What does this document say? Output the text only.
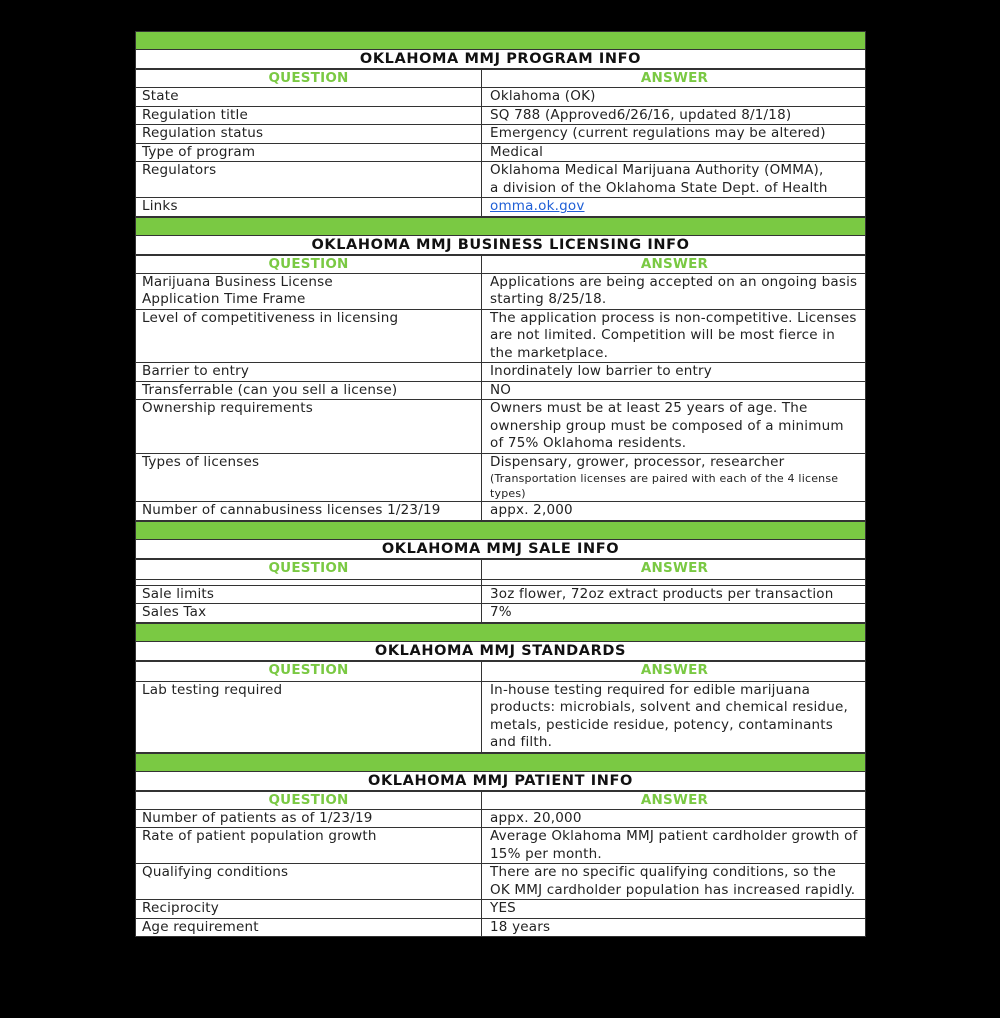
OKLAHOMA MMJ PROGRAM INFO
QUESTION	ANSWER
State	Oklahoma (OK)
Regulation title	SQ 788 (Approved6/26/16, updated 8/1/18)
Regulation status	Emergency (current regulations may be altered)
Type of program	Medical
Regulators	Oklahoma Medical Marijuana Authority (OMMA),
a division of the Oklahoma State Dept. of Health

Links	omma.ok.gov
OKLAHOMA MMJ BUSINESS LICENSING INFO
QUESTION	ANSWER

Marijuana Business License
Application Time Frame	Applications are being accepted on an ongoing basis starting 8/25/18.
Level of competitiveness in licensing	The application process is non-competitive. Licenses are not limited. Competition will be most fierce in the marketplace.
Barrier to entry	Inordinately low barrier to entry
Transferrable (can you sell a license)	NO
Ownership requirements	Owners must be at least 25 years of age. The ownership group must be composed of a minimum of 75% Oklahoma residents.
Types of licenses	Dispensary, grower, processor, researcher
(Transportation licenses are paired with each of the 4 license types)

Number of cannabusiness licenses 1/23/19	appx. 2,000
OKLAHOMA MMJ SALE INFO
QUESTION	ANSWER

Sale limits	3oz flower, 72oz extract products per transaction
Sales Tax	7%
OKLAHOMA MMJ STANDARDS
QUESTION	ANSWER
Lab testing required	In-house testing required for edible marijuana products: microbials, solvent and chemical residue, metals, pesticide residue, potency, contaminants and filth.
OKLAHOMA MMJ PATIENT INFO
QUESTION	ANSWER
Number of patients as of 1/23/19	appx. 20,000
Rate of patient population growth	Average Oklahoma MMJ patient cardholder growth of 15% per month.
Qualifying conditions	There are no specific qualifying conditions, so the OK MMJ cardholder population has increased rapidly.
Reciprocity	YES
Age requirement	18 years
